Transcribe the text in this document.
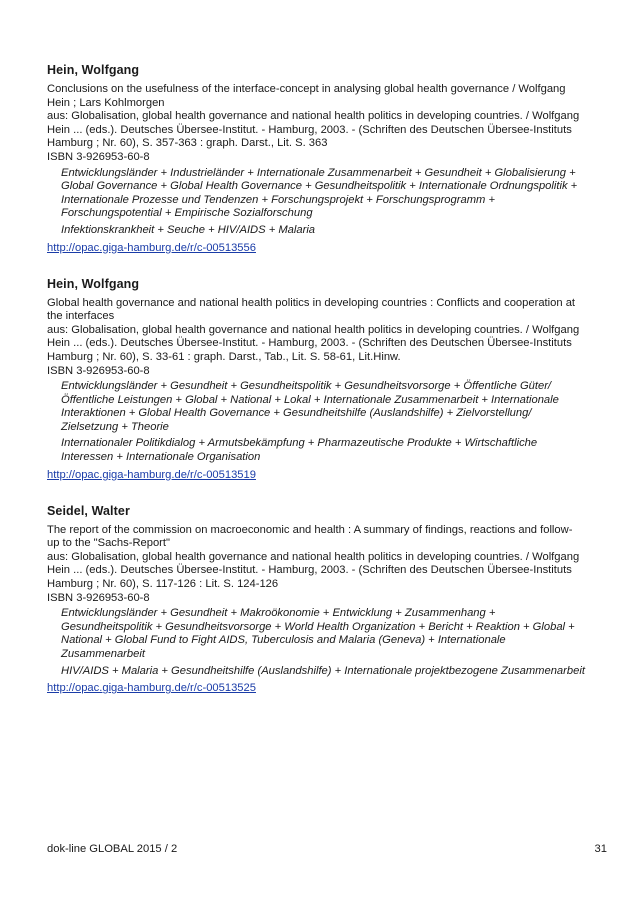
Hein, Wolfgang
Conclusions on the usefulness of the interface-concept in analysing global health governance / Wolfgang
Hein ; Lars Kohlmorgen
aus: Globalisation, global health governance and national health politics in developing countries. / Wolfgang
Hein ... (eds.). Deutsches Übersee-Institut. - Hamburg, 2003. - (Schriften des Deutschen Übersee-Instituts
Hamburg ; Nr. 60), S. 357-363 : graph. Darst., Lit. S. 363
ISBN 3-926953-60-8
Entwicklungsländer + Industrieländer + Internationale Zusammenarbeit + Gesundheit + Globalisierung +
Global Governance + Global Health Governance + Gesundheitspolitik + Internationale Ordnungspolitik +
Internationale Prozesse und Tendenzen + Forschungsprojekt + Forschungsprogramm +
Forschungspotential + Empirische Sozialforschung
Infektionskrankheit + Seuche + HIV/AIDS + Malaria
http://opac.giga-hamburg.de/r/c-00513556
Hein, Wolfgang
Global health governance and national health politics in developing countries : Conflicts and cooperation at
the interfaces
aus: Globalisation, global health governance and national health politics in developing countries. / Wolfgang
Hein ... (eds.). Deutsches Übersee-Institut. - Hamburg, 2003. - (Schriften des Deutschen Übersee-Instituts
Hamburg ; Nr. 60), S. 33-61 : graph. Darst., Tab., Lit. S. 58-61, Lit.Hinw.
ISBN 3-926953-60-8
Entwicklungsländer + Gesundheit + Gesundheitspolitik + Gesundheitsvorsorge + Öffentliche Güter/
Öffentliche Leistungen + Global + National + Lokal + Internationale Zusammenarbeit + Internationale
Interaktionen + Global Health Governance + Gesundheitshilfe (Auslandshilfe) + Zielvorstellung/
Zielsetzung + Theorie
Internationaler Politikdialog + Armutsbekämpfung + Pharmazeutische Produkte + Wirtschaftliche
Interessen + Internationale Organisation
http://opac.giga-hamburg.de/r/c-00513519
Seidel, Walter
The report of the commission on macroeconomic and health : A summary of findings, reactions and follow-
up to the "Sachs-Report"
aus: Globalisation, global health governance and national health politics in developing countries. / Wolfgang
Hein ... (eds.). Deutsches Übersee-Institut. - Hamburg, 2003. - (Schriften des Deutschen Übersee-Instituts
Hamburg ; Nr. 60), S. 117-126 : Lit. S. 124-126
ISBN 3-926953-60-8
Entwicklungsländer + Gesundheit + Makroökonomie + Entwicklung + Zusammenhang +
Gesundheitspolitik + Gesundheitsvorsorge + World Health Organization + Bericht + Reaktion + Global +
National + Global Fund to Fight AIDS, Tuberculosis and Malaria (Geneva) + Internationale
Zusammenarbeit
HIV/AIDS + Malaria + Gesundheitshilfe (Auslandshilfe) + Internationale projektbezogene Zusammenarbeit
http://opac.giga-hamburg.de/r/c-00513525
dok-line GLOBAL 2015 / 2	31
